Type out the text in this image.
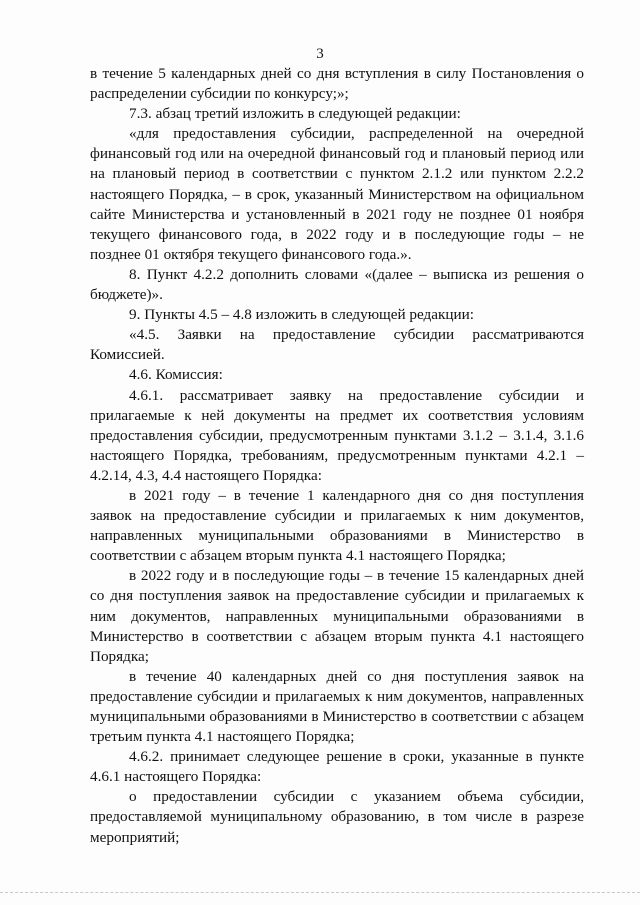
3

в течение 5 календарных дней со дня вступления в силу Постановления о распределении субсидии по конкурсу;»;

7.3. абзац третий изложить в следующей редакции:

«для предоставления субсидии, распределенной на очередной финансовый год или на очередной финансовый год и плановый период или на плановый период в соответствии с пунктом 2.1.2 или пунктом 2.2.2 настоящего Порядка, – в срок, указанный Министерством на официальном сайте Министерства и установленный в 2021 году не позднее 01 ноября текущего финансового года, в 2022 году и в последующие годы – не позднее 01 октября текущего финансового года.».

8. Пункт 4.2.2 дополнить словами «(далее – выписка из решения о бюджете)».

9. Пункты 4.5 – 4.8 изложить в следующей редакции:

«4.5. Заявки на предоставление субсидии рассматриваются Комиссией.

4.6. Комиссия:

4.6.1. рассматривает заявку на предоставление субсидии и прилагаемые к ней документы на предмет их соответствия условиям предоставления субсидии, предусмотренным пунктами 3.1.2 – 3.1.4, 3.1.6 настоящего Порядка, требованиям, предусмотренным пунктами 4.2.1 – 4.2.14, 4.3, 4.4 настоящего Порядка:

в 2021 году – в течение 1 календарного дня со дня поступления заявок на предоставление субсидии и прилагаемых к ним документов, направленных муниципальными образованиями в Министерство в соответствии с абзацем вторым пункта 4.1 настоящего Порядка;

в 2022 году и в последующие годы – в течение 15 календарных дней со дня поступления заявок на предоставление субсидии и прилагаемых к ним документов, направленных муниципальными образованиями в Министерство в соответствии с абзацем вторым пункта 4.1 настоящего Порядка;

в течение 40 календарных дней со дня поступления заявок на предоставление субсидии и прилагаемых к ним документов, направленных муниципальными образованиями в Министерство в соответствии с абзацем третьим пункта 4.1 настоящего Порядка;

4.6.2. принимает следующее решение в сроки, указанные в пункте 4.6.1 настоящего Порядка:

о предоставлении субсидии с указанием объема субсидии, предоставляемой муниципальному образованию, в том числе в разрезе мероприятий;
